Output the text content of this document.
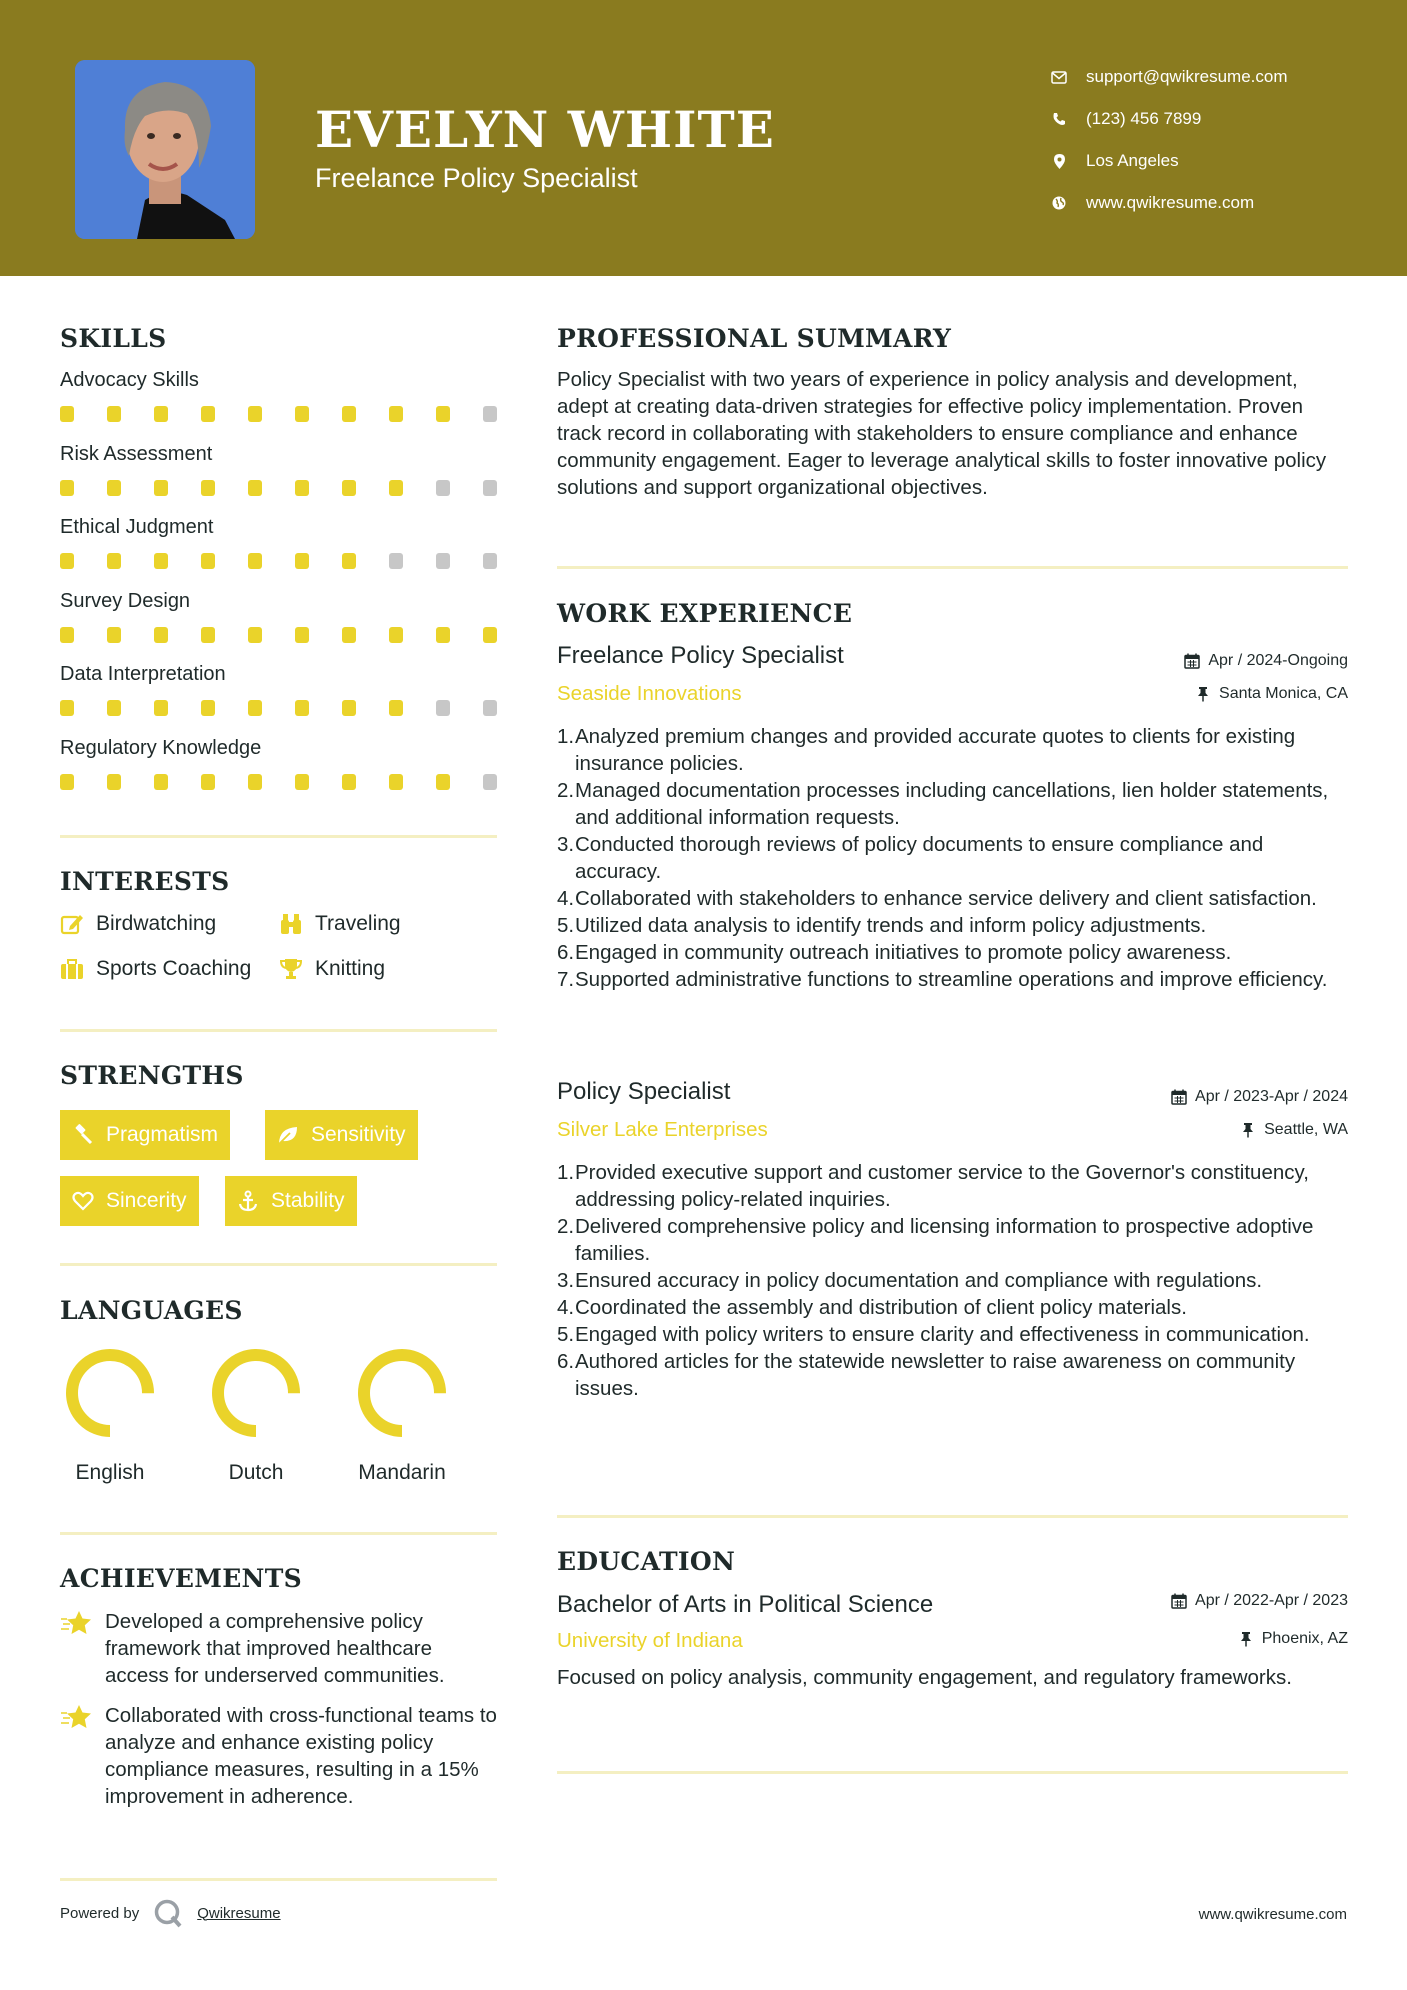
EVELYN WHITE
Freelance Policy Specialist
support@qwikresume.com
(123) 456 7899
Los Angeles
www.qwikresume.com
SKILLS
Advocacy Skills
Risk Assessment
Ethical Judgment
Survey Design
Data Interpretation
Regulatory Knowledge
INTERESTS
Birdwatching	Traveling
Sports Coaching	Knitting
STRENGTHS
Pragmatism	Sensitivity
Sincerity	Stability
LANGUAGES
English	Dutch	Mandarin
ACHIEVEMENTS
Developed a comprehensive policy framework that improved healthcare access for underserved communities.
Collaborated with cross-functional teams to analyze and enhance existing policy compliance measures, resulting in a 15% improvement in adherence.
PROFESSIONAL SUMMARY
Policy Specialist with two years of experience in policy analysis and development, adept at creating data-driven strategies for effective policy implementation. Proven track record in collaborating with stakeholders to ensure compliance and enhance community engagement. Eager to leverage analytical skills to foster innovative policy solutions and support organizational objectives.
WORK EXPERIENCE
Freelance Policy Specialist	Apr / 2024-Ongoing
Seaside Innovations	Santa Monica, CA
1. Analyzed premium changes and provided accurate quotes to clients for existing insurance policies.
2. Managed documentation processes including cancellations, lien holder statements, and additional information requests.
3. Conducted thorough reviews of policy documents to ensure compliance and accuracy.
4. Collaborated with stakeholders to enhance service delivery and client satisfaction.
5. Utilized data analysis to identify trends and inform policy adjustments.
6. Engaged in community outreach initiatives to promote policy awareness.
7. Supported administrative functions to streamline operations and improve efficiency.
Policy Specialist	Apr / 2023-Apr / 2024
Silver Lake Enterprises	Seattle, WA
1. Provided executive support and customer service to the Governor's constituency, addressing policy-related inquiries.
2. Delivered comprehensive policy and licensing information to prospective adoptive families.
3. Ensured accuracy in policy documentation and compliance with regulations.
4. Coordinated the assembly and distribution of client policy materials.
5. Engaged with policy writers to ensure clarity and effectiveness in communication.
6. Authored articles for the statewide newsletter to raise awareness on community issues.
EDUCATION
Bachelor of Arts in Political Science	Apr / 2022-Apr / 2023
University of Indiana	Phoenix, AZ
Focused on policy analysis, community engagement, and regulatory frameworks.
Powered by	Qwikresume	www.qwikresume.com
